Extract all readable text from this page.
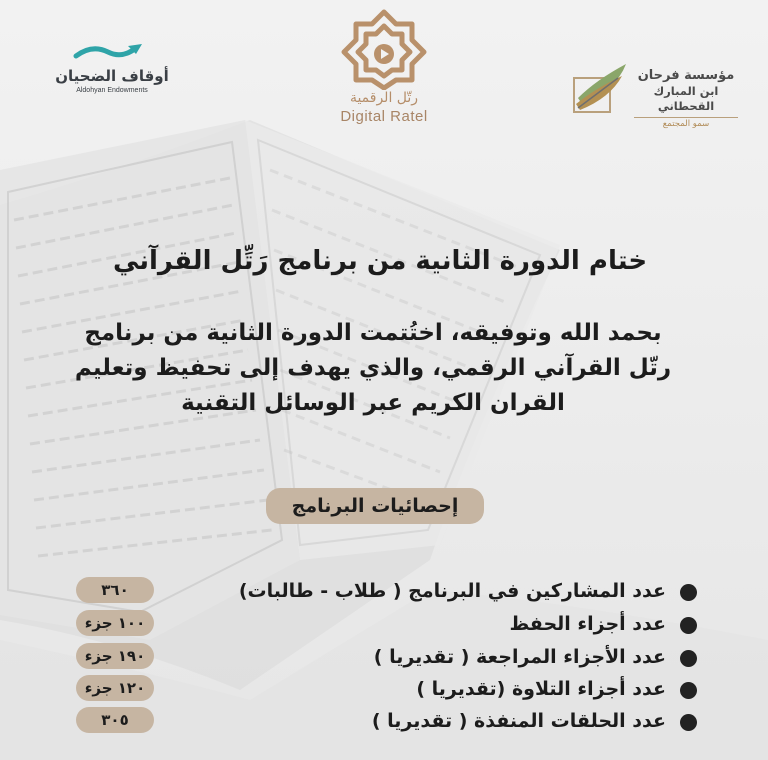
أوقاف الضحيان
Aldohyan Endowments	رتّل الرقمية
Digital Ratel
مؤسسة فرحان
ابن المبارك القحطاني
سمو المجتمع
ختام الدورة الثانية من برنامج رَتِّل القرآني
بحمد الله وتوفيقه، اختُتمت الدورة الثانية من برنامج رتّل القرآني الرقمي، والذي يهدف إلى تحفيظ وتعليم القران الكريم عبر الوسائل التقنية
إحصائيات البرنامج
عدد المشاركين في البرنامج ( طلاب - طالبات)
٣٦٠
عدد أجزاء الحفظ
١٠٠ جزء
عدد الأجزاء المراجعة ( تقديريا )
١٩٠ جزء
عدد أجزاء التلاوة (تقديريا )
١٢٠ جزء
عدد الحلقات المنفذة ( تقديريا )
٣٠٥
